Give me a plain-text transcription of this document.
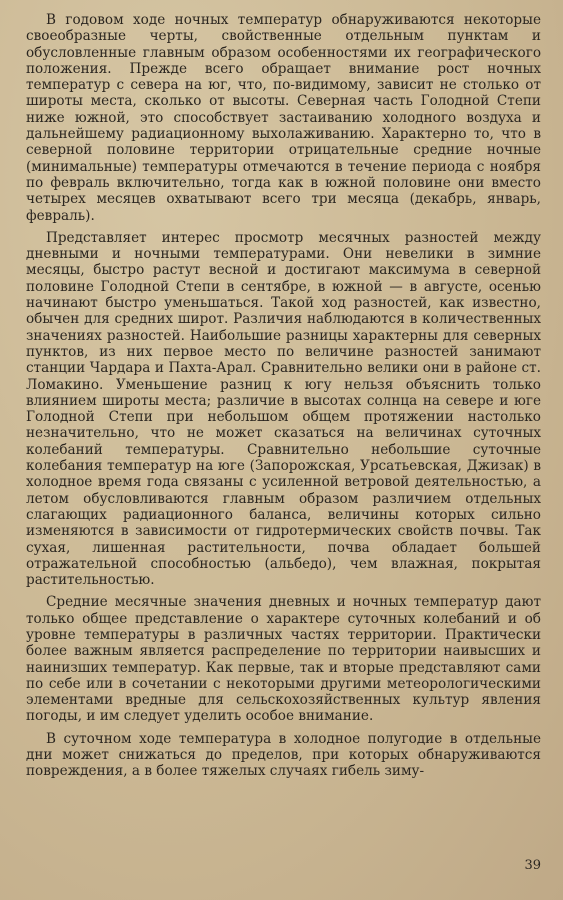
В годовом ходе ночных температур обнаруживаются некоторые своеобразные черты, свойственные отдельным пунктам и обусловленные главным образом особенностями их географического положения. Прежде всего обращает внимание рост ночных температур с севера на юг, что, по-видимому, зависит не столько от широты места, сколько от высоты. Северная часть Голодной Степи ниже южной, это способствует застаиванию холодного воздуха и дальнейшему радиационному выхолаживанию. Характерно то, что в северной половине территории отрицательные средние ночные (минимальные) температуры отмечаются в течение периода с ноября по февраль включительно, тогда как в южной половине они вместо четырех месяцев охватывают всего три месяца (декабрь, январь, февраль).

Представляет интерес просмотр месячных разностей между дневными и ночными температурами. Они невелики в зимние месяцы, быстро растут весной и достигают максимума в северной половине Голодной Степи в сентябре, в южной — в августе, осенью начинают быстро уменьшаться. Такой ход разностей, как известно, обычен для средних широт. Различия наблюдаются в количественных значениях разностей. Наибольшие разницы характерны для северных пунктов, из них первое место по величине разностей занимают станции Чардара и Пахта-Арал. Сравнительно велики они в районе ст. Ломакино. Уменьшение разниц к югу нельзя объяснить только влиянием широты места; различие в высотах солнца на севере и юге Голодной Степи при небольшом общем протяжении настолько незначительно, что не может сказаться на величинах суточных колебаний температуры. Сравнительно небольшие суточные колебания температур на юге (Запорожская, Урсатьевская, Джизак) в холодное время года связаны с усиленной ветровой деятельностью, а летом обусловливаются главным образом различием отдельных слагающих радиационного баланса, величины которых сильно изменяются в зависимости от гидротермических свойств почвы. Так сухая, лишенная растительности, почва обладает большей отражательной способностью (альбедо), чем влажная, покрытая растительностью.

Средние месячные значения дневных и ночных температур дают только общее представление о характере суточных колебаний и об уровне температуры в различных частях территории. Практически более важным является распределение по территории наивысших и наинизших температур. Как первые, так и вторые представляют сами по себе или в сочетании с некоторыми другими метеорологическими элементами вредные для сельскохозяйственных культур явления погоды, и им следует уделить особое внимание.

В суточном ходе температура в холодное полугодие в отдельные дни может снижаться до пределов, при которых обнаруживаются повреждения, а в более тяжелых случаях гибель зиму-

39
